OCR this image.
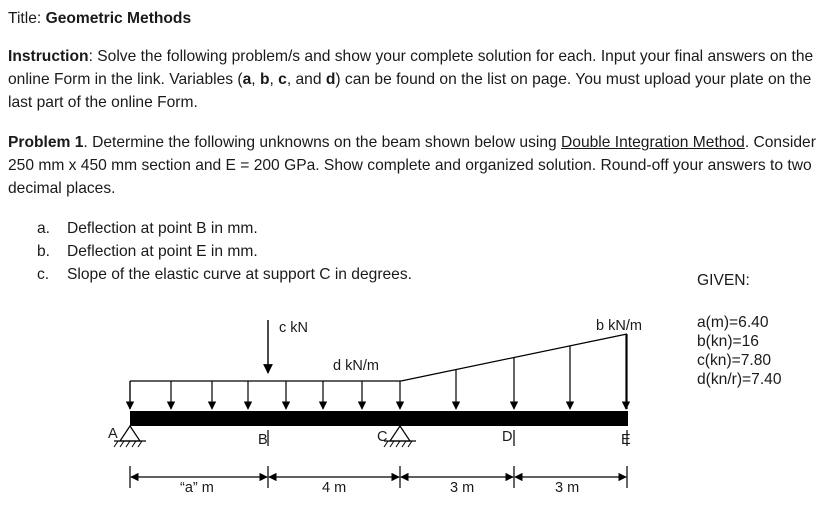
Title: Geometric Methods
Instruction: Solve the following problem/s and show your complete solution for each. Input your final answers on the online Form in the link. Variables (a, b, c, and d) can be found on the list on page. You must upload your plate on the last part of the online Form.
Problem 1. Determine the following unknowns on the beam shown below using Double Integration Method. Consider 250 mm x 450 mm section and E = 200 GPa. Show complete and organized solution. Round-off your answers to two decimal places.
a. Deflection at point B in mm.
b. Deflection at point E in mm.
c. Slope of the elastic curve at support C in degrees.	GIVEN:
a(m)=6.40
b(kn)=16
c(kn)=7.80
d(kn/r)=7.40
c kN
d kN/m
b kN/m
A	C
B	D	E
“a” m	4 m	3 m	3 m
